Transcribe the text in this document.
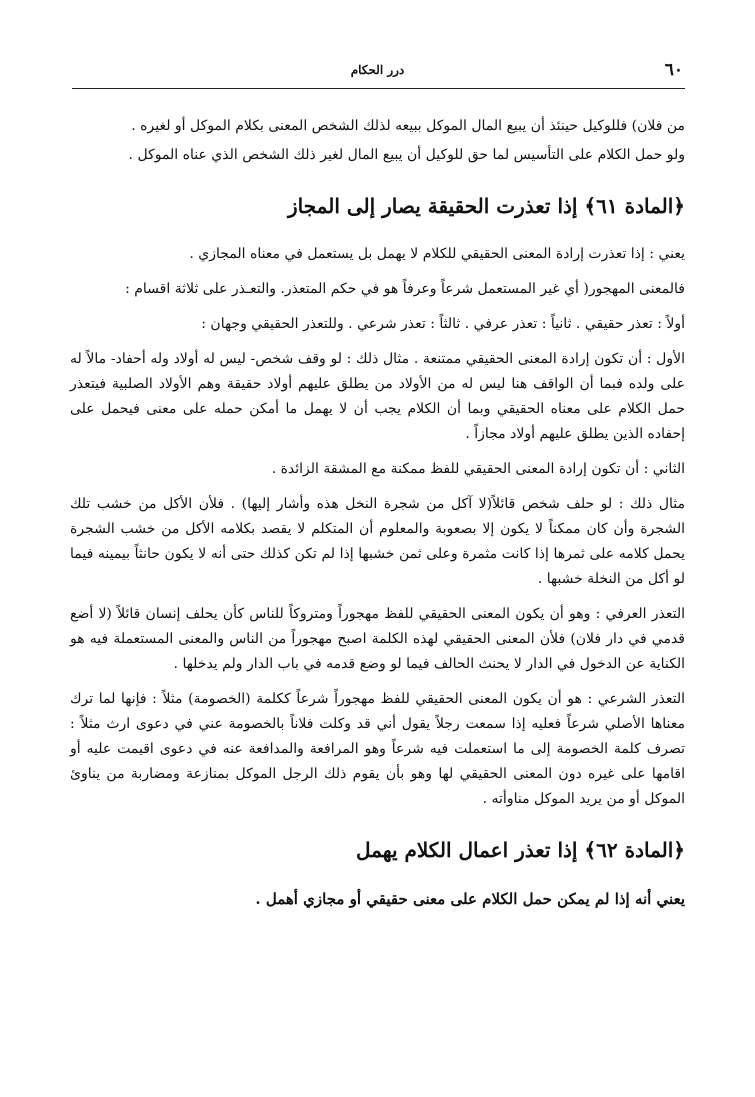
٦٠
درر الحكام

من فلان) فللوكيل حينئذ أن يبيع المال الموكل ببيعه لذلك الشخص المعنى بكلام الموكل أو لغيره .

ولو حمل الكلام على التأسيس لما حق للوكيل أن يبيع المال لغير ذلك الشخص الذي عناه الموكل .

﴿المادة ٦١﴾ إذا تعذرت الحقيقة يصار إلى المجاز

يعني : إذا تعذرت إرادة المعنى الحقيقي للكلام لا يهمل بل يستعمل في معناه المجازي .

فالمعنى المهجور( أي غير المستعمل شرعاً وعرفاً هو في حكم المتعذر. والتعـذر على ثلاثة اقسام :

أولاً : تعذر حقيقي . ثانياً : تعذر عرفي . ثالثاً : تعذر شرعي . وللتعذر الحقيقي وجهان :

الأول : أن تكون إرادة المعنى الحقيقي ممتنعة . مثال ذلك : لو وقف شخص- ليس له أولاد وله أحفاد- مالاً له على ولده فبما أن الواقف هنا ليس له من الأولاد من يطلق عليهم أولاد حقيقة وهم الأولاد الصلبية فيتعذر حمل الكلام على معناه الحقيقي وبما أن الكلام يجب أن لا يهمل ما أمكن حمله على معنى فيحمل على إحفاده الذين يطلق عليهم أولاد مجازاً .

الثاني : أن تكون إرادة المعنى الحقيقي للفظ ممكنة مع المشقة الزائدة .

مثال ذلك : لو حلف شخص قائلاً(لا آكل من شجرة النخل هذه وأشار إليها) . فلأن الأكل من خشب تلك الشجرة وأن كان ممكناً لا يكون إلا بصعوبة والمعلوم أن المتكلم لا يقصد بكلامه الأكل من خشب الشجرة يحمل كلامه على ثمرها إذا كانت مثمرة وعلى ثمن خشبها إذا لم تكن كذلك حتى أنه لا يكون حانثاً بيمينه فيما لو أكل من النخلة خشبها .

التعذر العرفي : وهو أن يكون المعنى الحقيقي للفظ مهجوراً ومتروكاً للناس كأن يحلف إنسان قائلاً (لا أضع قدمي في دار فلان) فلأن المعنى الحقيقي لهذه الكلمة اصبح مهجوراً من الناس والمعنى المستعملة فيه هو الكناية عن الدخول في الدار لا يحنث الحالف فيما لو وضع قدمه في باب الدار ولم يدخلها .

التعذر الشرعي : هو أن يكون المعنى الحقيقي للفظ مهجوراً شرعاً ككلمة (الخصومة) مثلاً : فإنها لما ترك معناها الأصلي شرعاً فعليه إذا سمعت رجلاً يقول أني قد وكلت فلاناً بالخصومة عني في دعوى ارث مثلاً : تصرف كلمة الخصومة إلى ما استعملت فيه شرعاً وهو المرافعة والمدافعة عنه في دعوى اقيمت عليه أو اقامها على غيره دون المعنى الحقيقي لها وهو بأن يقوم ذلك الرجل الموكل بمنازعة ومضاربة من يناوئ الموكل أو من يريد الموكل مناوأته .

﴿المادة ٦٢﴾ إذا تعذر اعمال الكلام يهمل

يعني أنه إذا لم يمكن حمل الكلام على معنى حقيقي أو مجازي أهمل .
